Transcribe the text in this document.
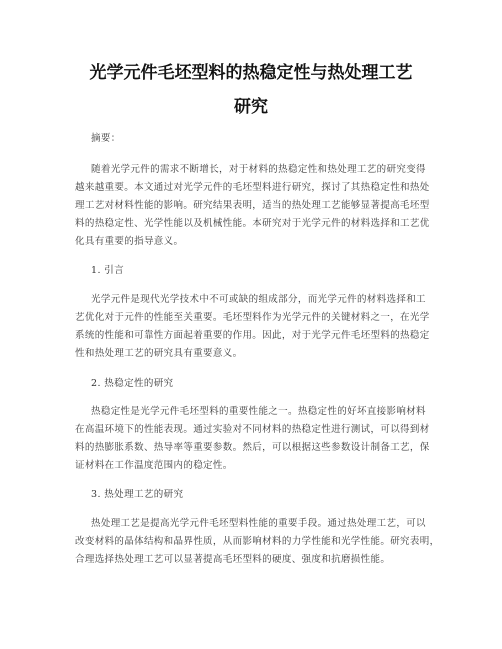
光学元件毛坯型料的热稳定性与热处理工艺
研究
摘要：
随着光学元件的需求不断增长，对于材料的热稳定性和热处理工艺的研究变得
越来越重要。本文通过对光学元件的毛坯型料进行研究，探讨了其热稳定性和热处
理工艺对材料性能的影响。研究结果表明，适当的热处理工艺能够显著提高毛坯型
料的热稳定性、光学性能以及机械性能。本研究对于光学元件的材料选择和工艺优
化具有重要的指导意义。
1. 引言
光学元件是现代光学技术中不可或缺的组成部分，而光学元件的材料选择和工
艺优化对于元件的性能至关重要。毛坯型料作为光学元件的关键材料之一，在光学
系统的性能和可靠性方面起着重要的作用。因此，对于光学元件毛坯型料的热稳定
性和热处理工艺的研究具有重要意义。
2. 热稳定性的研究
热稳定性是光学元件毛坯型料的重要性能之一。热稳定性的好坏直接影响材料
在高温环境下的性能表现。通过实验对不同材料的热稳定性进行测试，可以得到材
料的热膨胀系数、热导率等重要参数。然后，可以根据这些参数设计制备工艺，保
证材料在工作温度范围内的稳定性。
3. 热处理工艺的研究
热处理工艺是提高光学元件毛坯型料性能的重要手段。通过热处理工艺，可以
改变材料的晶体结构和晶界性质，从而影响材料的力学性能和光学性能。研究表明，
合理选择热处理工艺可以显著提高毛坯型料的硬度、强度和抗磨损性能。
